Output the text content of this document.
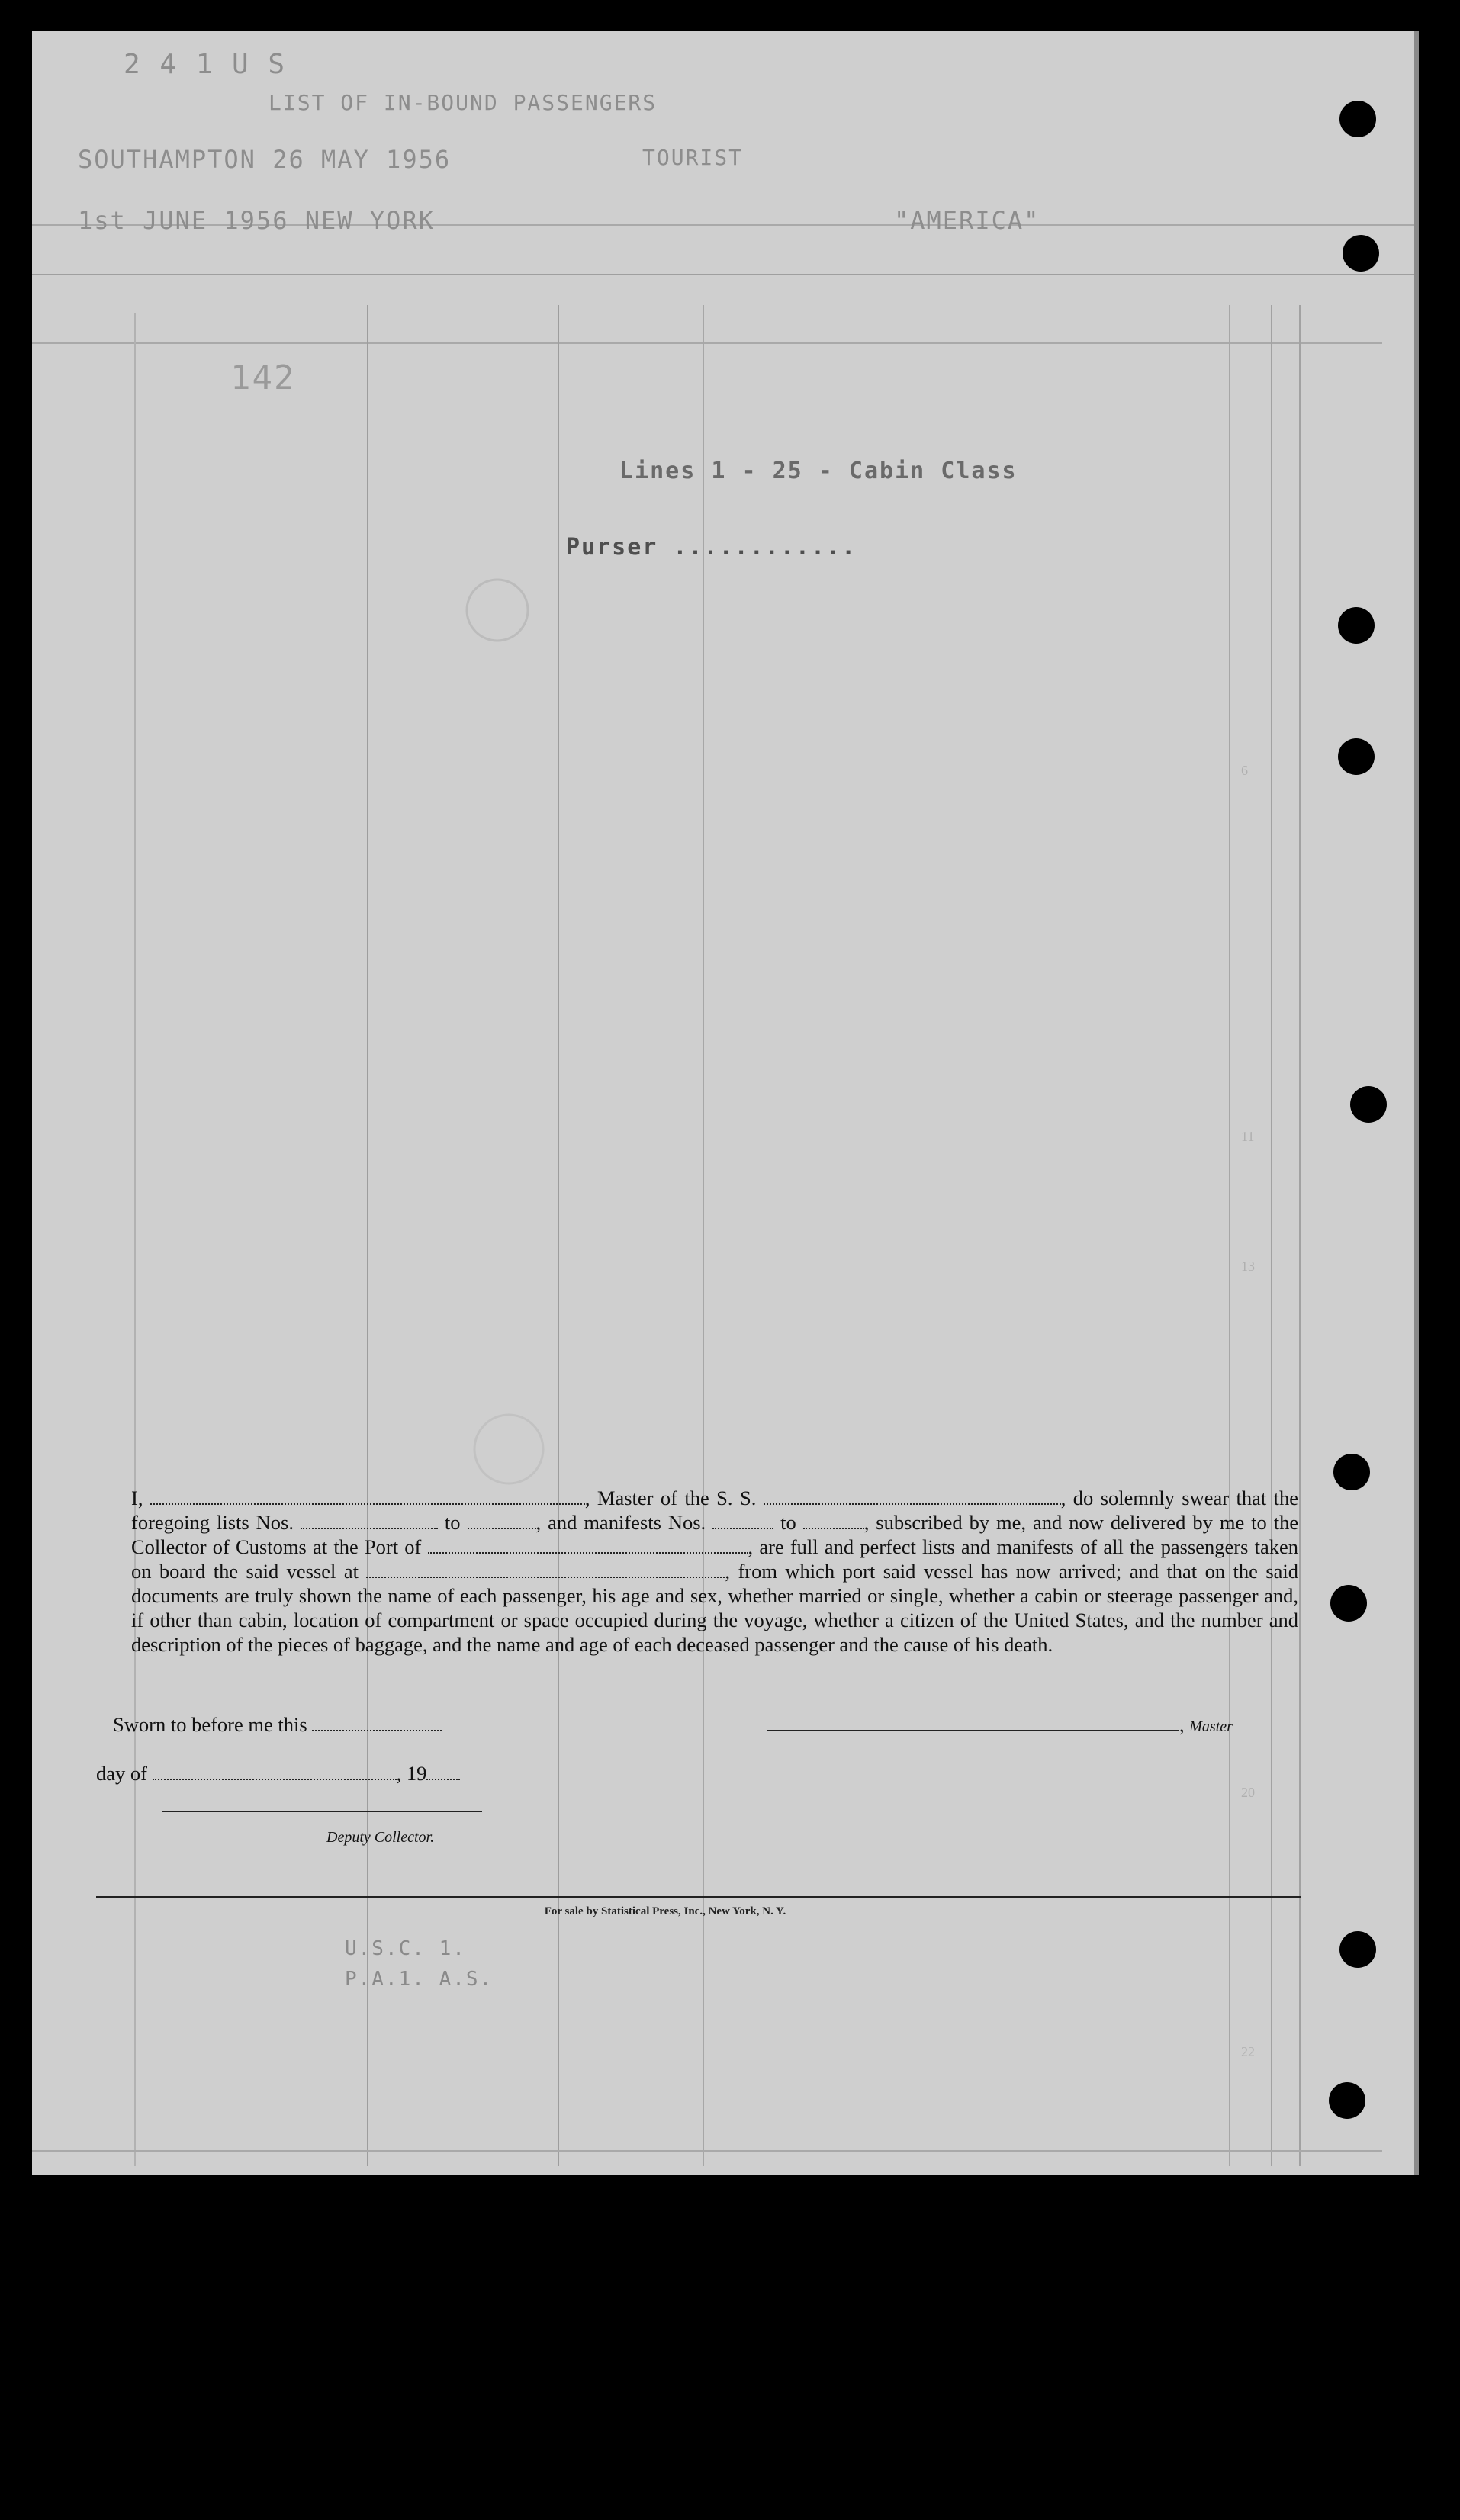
2 4 1 U S
LIST OF IN-BOUND PASSENGERS
SOUTHAMPTON 26 MAY 1956	TOURIST
1st JUNE 1956 NEW YORK	"AMERICA"
142
6
11
13
20
22
Lines 1 - 25 - Cabin Class
Purser ............
U.S.C. 1.
P.A.1. A.S.
I,	, Master of the S. S.	, do solemnly swear that the foregoing lists Nos.	to	, and manifests Nos.	to	, subscribed by me, and now delivered by me to the Collector of Customs at the Port of	, are full and perfect lists and manifests of all the passengers taken on board the said vessel at	, from which port said vessel has now arrived; and that on the said documents are truly shown the name of each passenger, his age and sex, whether married or single, whether a cabin or steerage passenger and, if other than cabin, location of compartment or space occupied during the voyage, whether a citizen of the United States, and the number and description of the pieces of baggage, and the name and age of each deceased passenger and the cause of his death.
Sworn to before me this	, Master
day of	, 19
Deputy Collector.
For sale by Statistical Press, Inc., New York, N. Y.
